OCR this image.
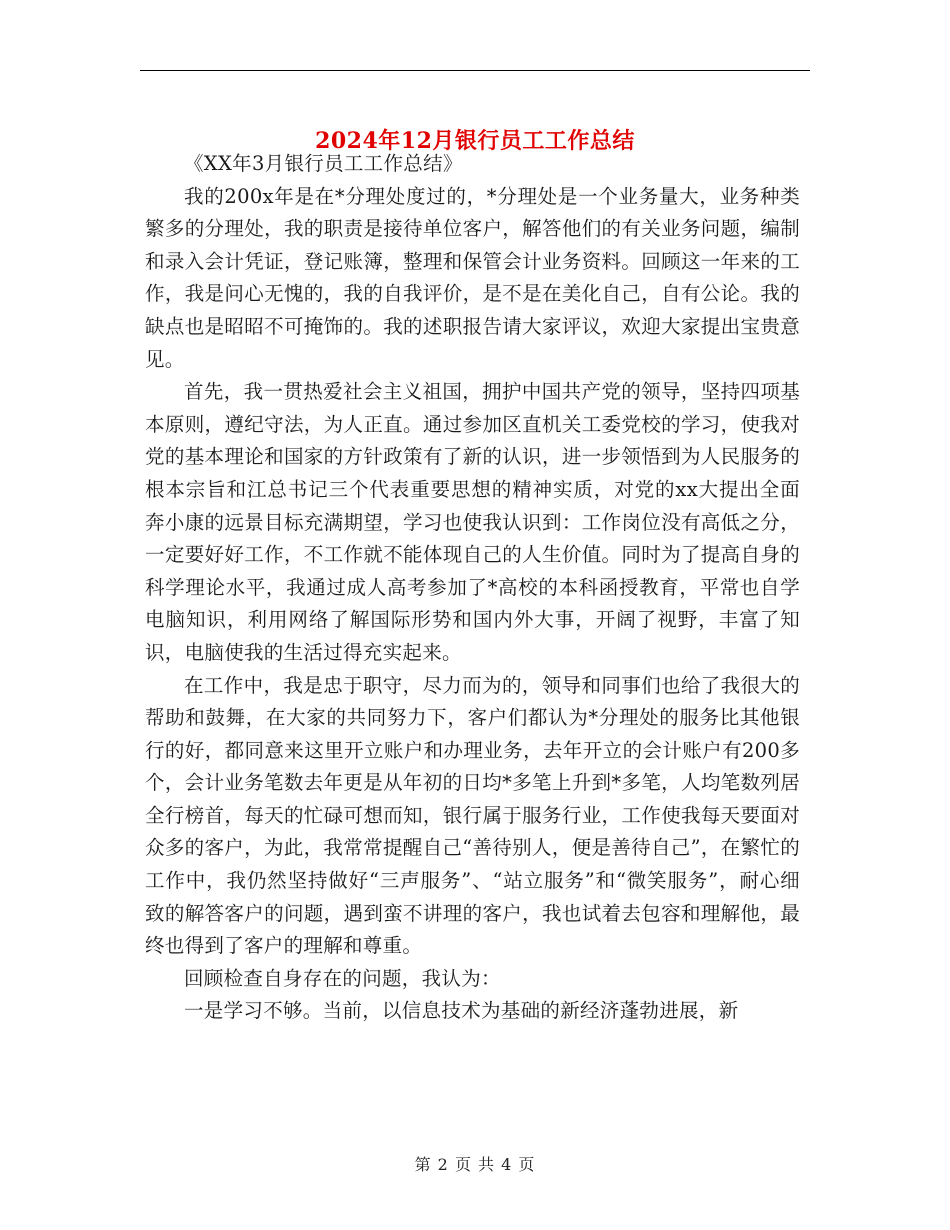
2024年12月银行员工工作总结

《XX年3月银行员工工作总结》

我的200x年是在*分理处度过的，*分理处是一个业务量大，业务种类繁多的分理处，我的职责是接待单位客户，解答他们的有关业务问题，编制和录入会计凭证，登记账簿，整理和保管会计业务资料。回顾这一年来的工作，我是问心无愧的，我的自我评价，是不是在美化自己，自有公论。我的缺点也是昭昭不可掩饰的。我的述职报告请大家评议，欢迎大家提出宝贵意见。

首先，我一贯热爱社会主义祖国，拥护中国共产党的领导，坚持四项基本原则，遵纪守法，为人正直。通过参加区直机关工委党校的学习，使我对党的基本理论和国家的方针政策有了新的认识，进一步领悟到为人民服务的根本宗旨和江总书记三个代表重要思想的精神实质，对党的xx大提出全面奔小康的远景目标充满期望，学习也使我认识到：工作岗位没有高低之分，一定要好好工作，不工作就不能体现自己的人生价值。同时为了提高自身的科学理论水平，我通过成人高考参加了*高校的本科函授教育，平常也自学电脑知识，利用网络了解国际形势和国内外大事，开阔了视野，丰富了知识，电脑使我的生活过得充实起来。

在工作中，我是忠于职守，尽力而为的，领导和同事们也给了我很大的帮助和鼓舞，在大家的共同努力下，客户们都认为*分理处的服务比其他银行的好，都同意来这里开立账户和办理业务，去年开立的会计账户有200多个，会计业务笔数去年更是从年初的日均*多笔上升到*多笔，人均笔数列居全行榜首，每天的忙碌可想而知，银行属于服务行业，工作使我每天要面对众多的客户，为此，我常常提醒自己“善待别人，便是善待自己”，在繁忙的工作中，我仍然坚持做好“三声服务”、“站立服务”和“微笑服务”，耐心细致的解答客户的问题，遇到蛮不讲理的客户，我也试着去包容和理解他，最终也得到了客户的理解和尊重。

回顾检查自身存在的问题，我认为：

一是学习不够。当前，以信息技术为基础的新经济蓬勃进展，新

第 2 页 共 4 页
